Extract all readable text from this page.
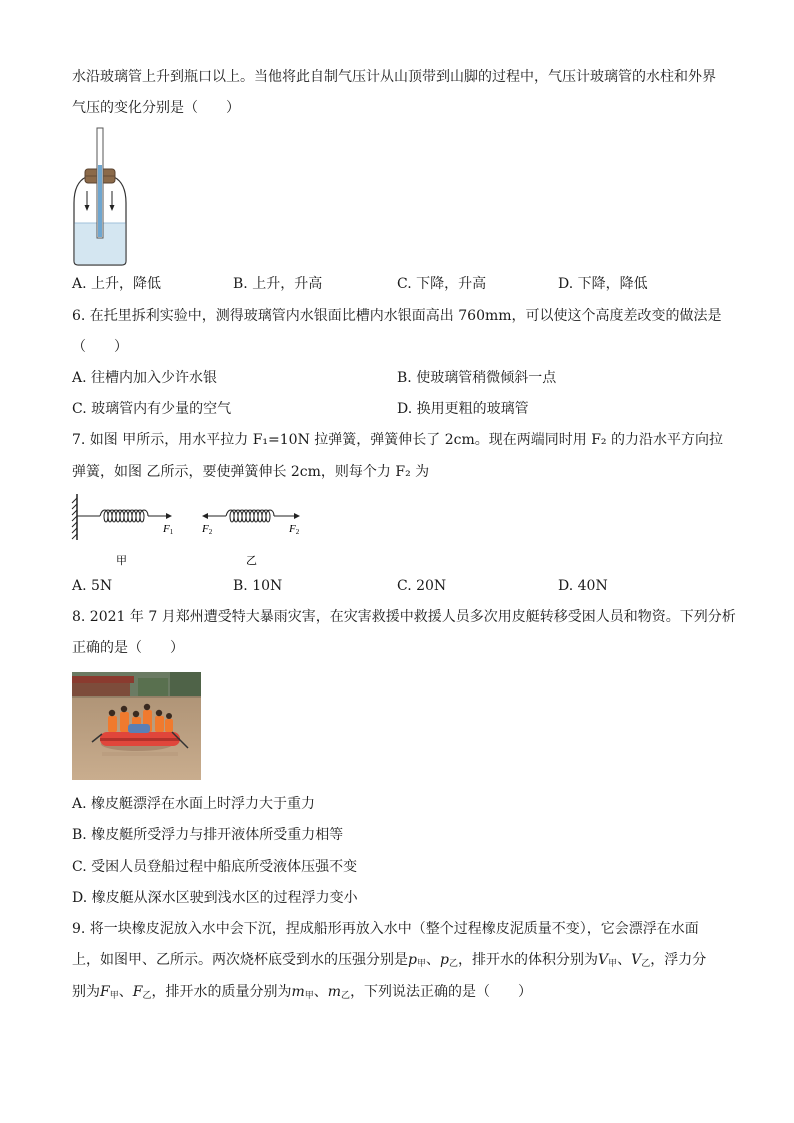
水沿玻璃管上升到瓶口以上。当他将此自制气压计从山顶带到山脚的过程中，气压计玻璃管的水柱和外界
气压的变化分别是（　　）
A. 上升，降低	B. 上升，升高	C. 下降，升高	D. 下降，降低
6. 在托里拆利实验中，测得玻璃管内水银面比槽内水银面高出 760mm，可以使这个高度差改变的做法是
（　　）
A. 往槽内加入少许水银	B. 使玻璃管稍微倾斜一点
C. 玻璃管内有少量的空气	D. 换用更粗的玻璃管
7. 如图 甲所示，用水平拉力 F₁=10N 拉弹簧，弹簧伸长了 2cm。现在两端同时用 F₂ 的力沿水平方向拉
弹簧，如图 乙所示，要使弹簧伸长 2cm，则每个力 F₂ 为
F1	F2	F2
甲	乙
A. 5N	B. 10N	C. 20N	D. 40N
8. 2021 年 7 月郑州遭受特大暴雨灾害，在灾害救援中救援人员多次用皮艇转移受困人员和物资。下列分析
正确的是（　　）
A. 橡皮艇漂浮在水面上时浮力大于重力
B. 橡皮艇所受浮力与排开液体所受重力相等
C. 受困人员登船过程中船底所受液体压强不变
D. 橡皮艇从深水区驶到浅水区的过程浮力变小
9. 将一块橡皮泥放入水中会下沉，捏成船形再放入水中（整个过程橡皮泥质量不变），它会漂浮在水面
上，如图甲、乙所示。两次烧杯底受到水的压强分别是$p_甲$、$p_乙$，排开水的体积分别为$V_甲$、$V_乙$，浮力分
别为$F_甲$、$F_乙$，排开水的质量分别为$m_甲$、$m_乙$，下列说法正确的是（　　）
